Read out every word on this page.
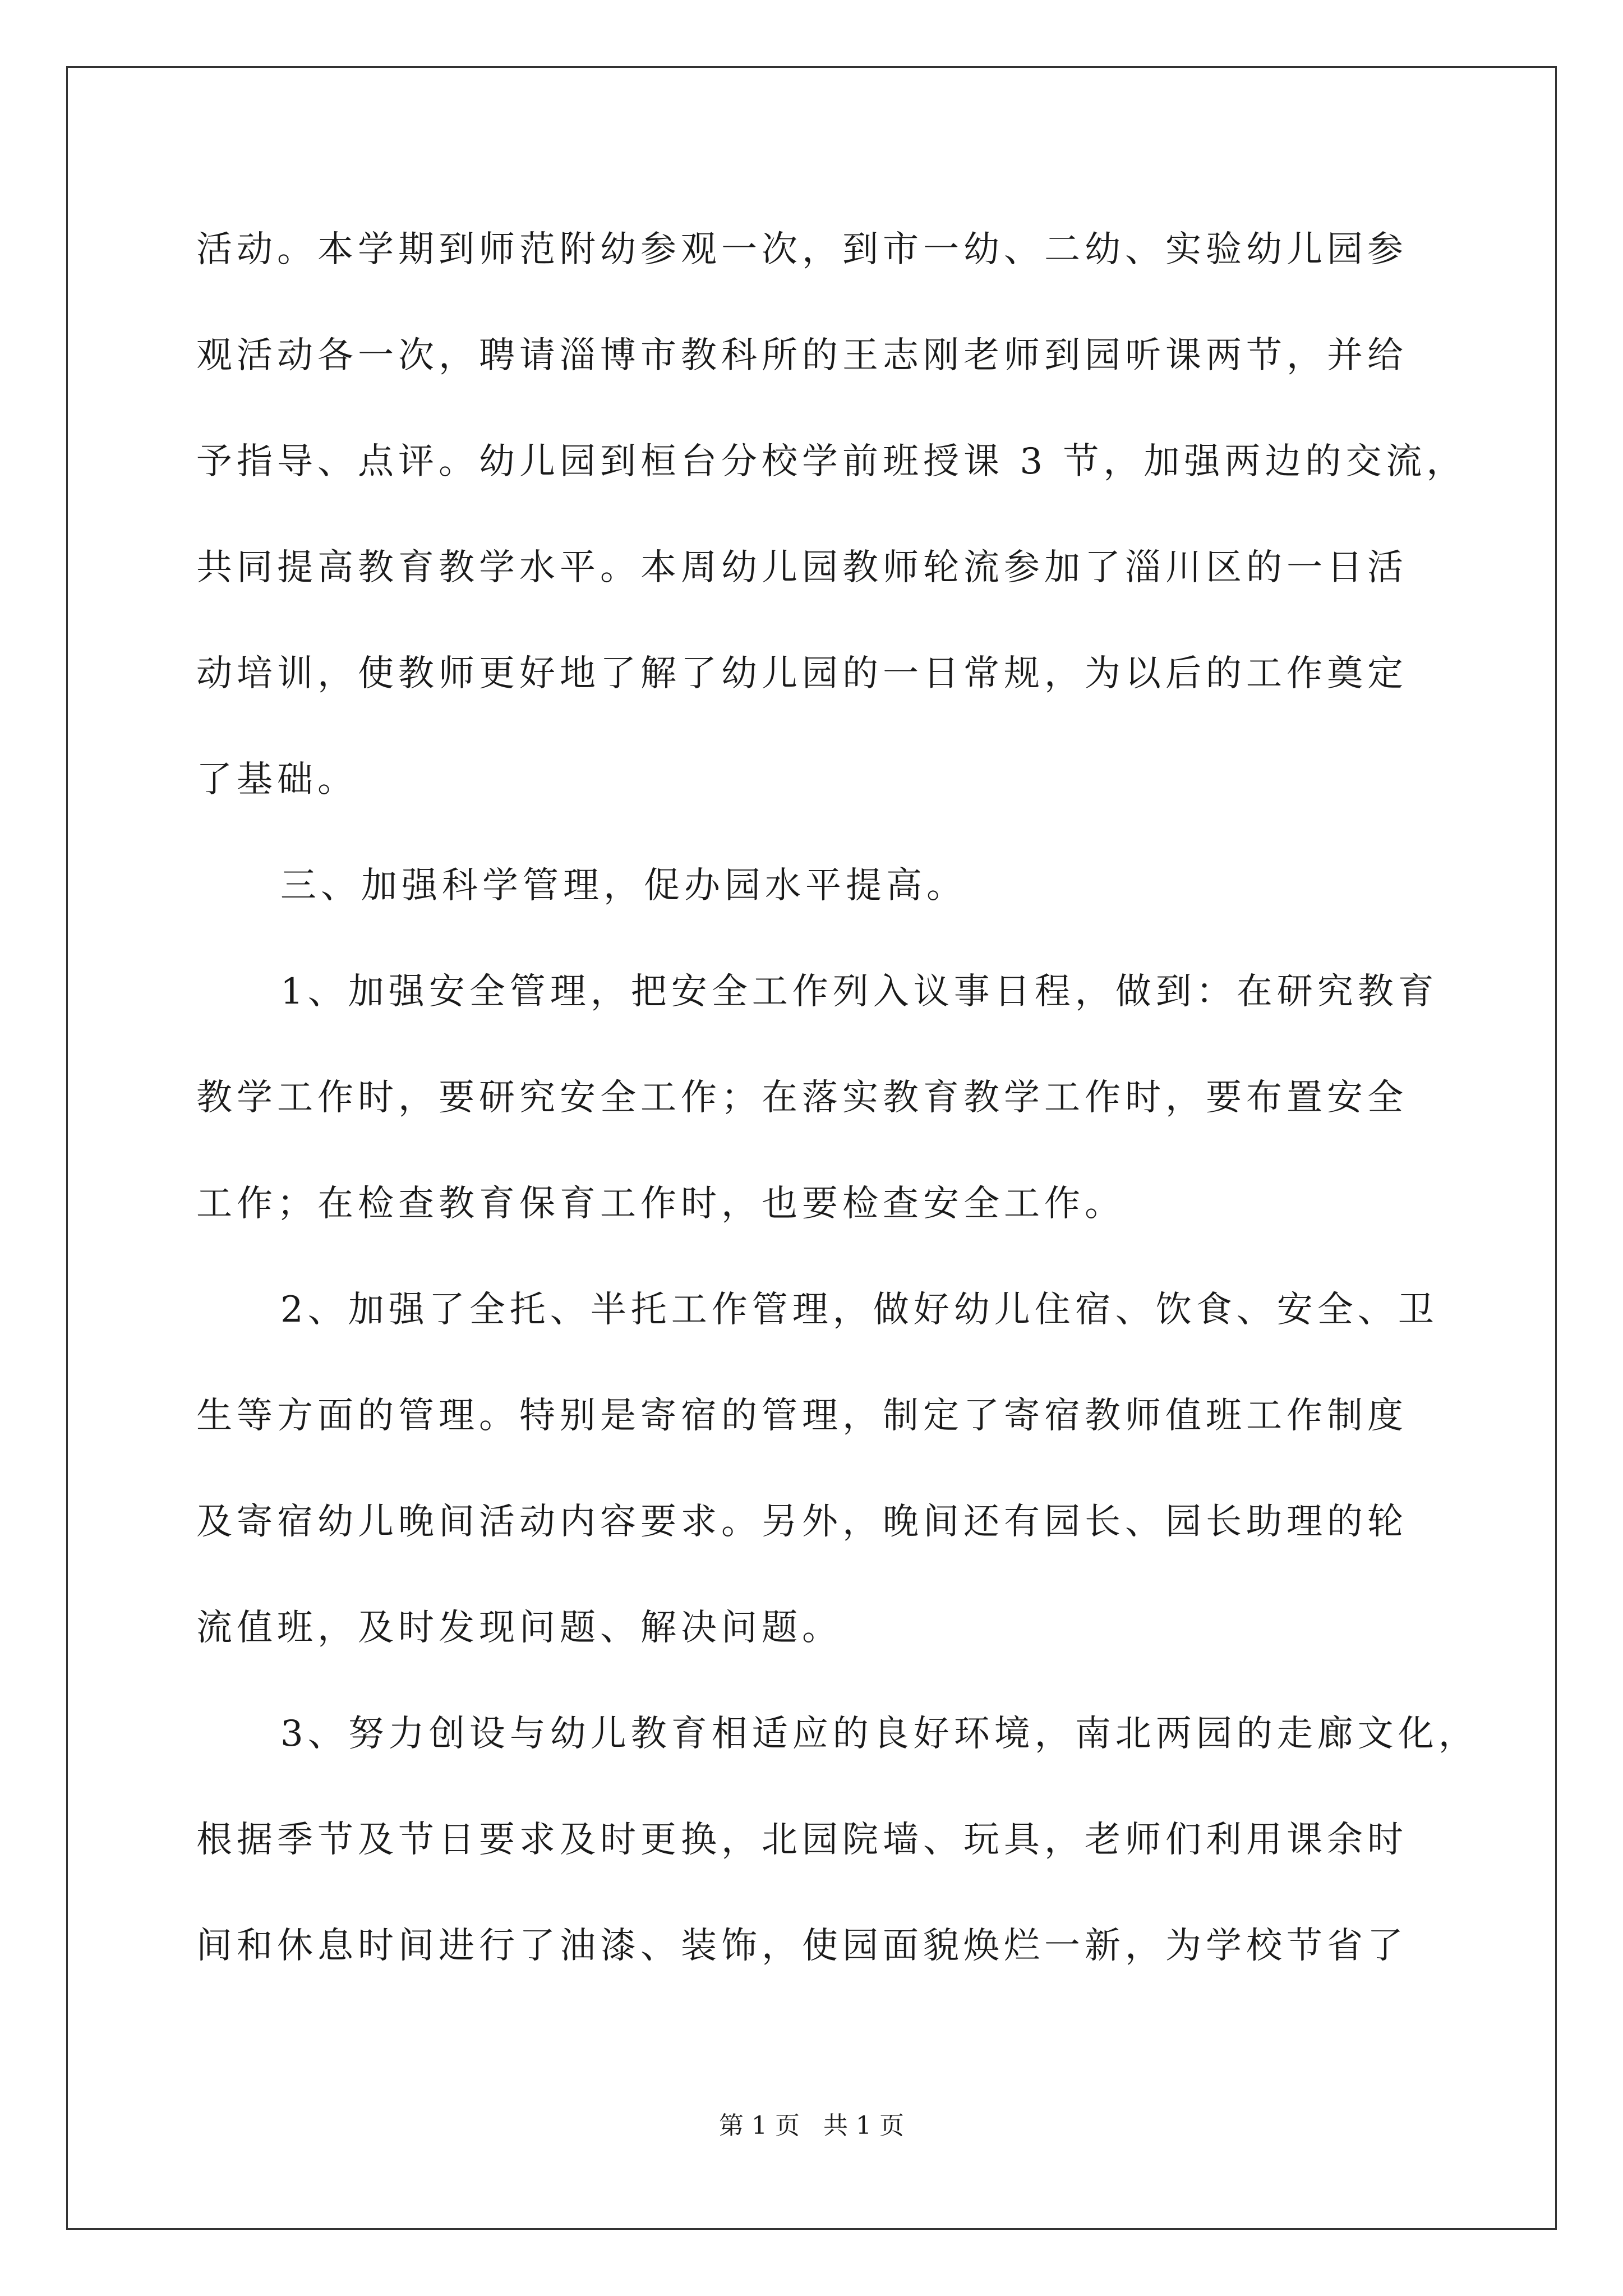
活动。本学期到师范附幼参观一次，到市一幼、二幼、实验幼儿园参
观活动各一次，聘请淄博市教科所的王志刚老师到园听课两节，并给
予指导、点评。幼儿园到桓台分校学前班授课 3 节，加强两边的交流，
共同提高教育教学水平。本周幼儿园教师轮流参加了淄川区的一日活
动培训，使教师更好地了解了幼儿园的一日常规，为以后的工作奠定
了基础。
三、加强科学管理，促办园水平提高。
1、加强安全管理，把安全工作列入议事日程，做到：在研究教育
教学工作时，要研究安全工作；在落实教育教学工作时，要布置安全
工作；在检查教育保育工作时，也要检查安全工作。
2、加强了全托、半托工作管理，做好幼儿住宿、饮食、安全、卫
生等方面的管理。特别是寄宿的管理，制定了寄宿教师值班工作制度
及寄宿幼儿晚间活动内容要求。另外，晚间还有园长、园长助理的轮
流值班，及时发现问题、解决问题。
3、努力创设与幼儿教育相适应的良好环境，南北两园的走廊文化，
根据季节及节日要求及时更换，北园院墙、玩具，老师们利用课余时
间和休息时间进行了油漆、装饰，使园面貌焕烂一新，为学校节省了
第 1 页   共 1 页
